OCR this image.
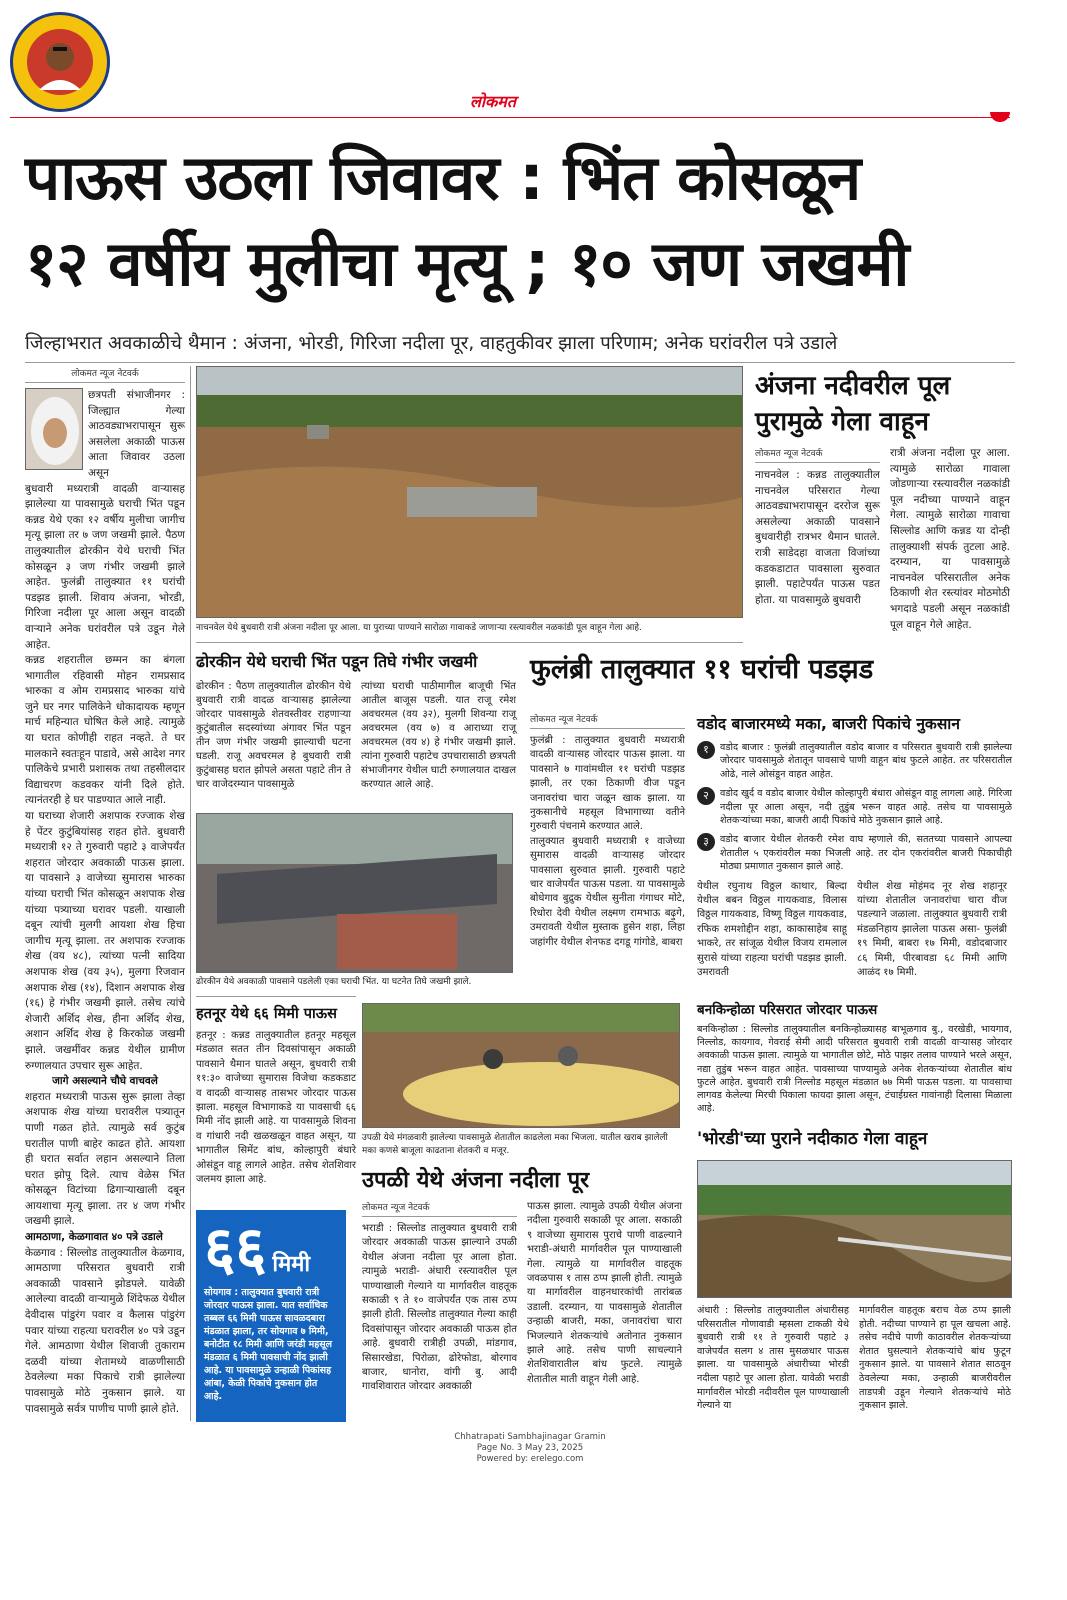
लोकमत
पाऊस उठला जिवावर : भिंत कोसळून
१२ वर्षीय मुलीचा मृत्यू ; १० जण जखमी
जिल्हाभरात अवकाळीचे थैमान : अंजना, भोरडी, गिरिजा नदीला पूर, वाहतुकीवर झाला परिणाम; अनेक घरांवरील पत्रे उडाले
लोकमत न्यूज नेटवर्क

छत्रपती संभाजीनगर : जिल्ह्यात गेल्या आठवड्याभरापासून सुरू असलेला अकाळी पाऊस आता जिवावर उठला असून

बुधवारी मध्यरात्री वादळी वाऱ्यासह झालेल्या या पावसामुळे घराची भिंत पडून कन्नड येथे एका १२ वर्षीय मुलीचा जागीच मृत्यू झाला तर ७ जण जखमी झाले. पैठण तालुक्यातील ढोरकीन येथे घराची भिंत कोसळून ३ जण गंभीर जखमी झाले आहेत. फुलंब्री तालुक्यात ११ घरांची पडझड झाली. शिवाय अंजना, भोरडी, गिरिजा नदीला पूर आला असून वादळी वाऱ्याने अनेक घरांवरील पत्रे उडून गेले आहेत.

कन्नड शहरातील छम्मन का बंगला भागातील रहिवासी मोहन रामप्रसाद भारुका व ओम रामप्रसाद भारुका यांचे जुने घर नगर पालिकेने धोकादायक म्हणून मार्च महिन्यात घोषित केले आहे. त्यामुळे या घरात कोणीही राहत नव्हते. ते घर मालकाने स्वतःहून पाडावे, असे आदेश नगर पालिकेचे प्रभारी प्रशासक तथा तहसीलदार विद्याचरण कडवकर यांनी दिले होते. त्यानंतरही हे घर पाडण्यात आले नाही.

या घराच्या शेजारी अशपाक रज्जाक शेख हे पेंटर कुटुंबियांसह राहत होते. बुधवारी मध्यरात्री १२ ते गुरुवारी पहाटे ३ वाजेपर्यंत शहरात जोरदार अवकाळी पाऊस झाला. या पावसाने ३ वाजेच्या सुमारास भारुका यांच्या घराची भिंत कोसळून अशपाक शेख यांच्या पत्र्याच्या घरावर पडली. याखाली दबून त्यांची मुलगी आयशा शेख हिचा जागीच मृत्यू झाला. तर अशपाक रज्जाक शेख (वय ४८), त्यांच्या पत्नी सादिया अशपाक शेख (वय ३५), मुलगा रिजवान अशपाक शेख (१४), दिशान अशपाक शेख (१६) हे गंभीर जखमी झाले. तसेच त्यांचे शेजारी अर्शिद शेख, हीना अर्शिद शेख, अशान अर्शिद शेख हे किरकोळ जखमी झाले. जखमींवर कन्नड येथील ग्रामीण रुग्णालयात उपचार सुरू आहेत.

जागे असल्याने चौघे वाचवले

शहरात मध्यरात्री पाऊस सुरू झाला तेव्हा अशपाक शेख यांच्या घरावरील पत्र्यातून पाणी गळत होते. त्यामुळे सर्व कुटुंब घरातील पाणी बाहेर काढत होते. आयशा ही घरात सर्वात लहान असल्याने तिला घरात झोपू दिले. त्याच वेळेस भिंत कोसळून विटांच्या ढिगाऱ्याखाली दबून आयशाचा मृत्यू झाला. तर ४ जण गंभीर जखमी झाले.

आमठाणा, केळगावात ४० पत्रे उडाले

केळगाव : सिल्लोड तालुक्यातील केळगाव, आमठाणा परिसरात बुधवारी रात्री अवकाळी पावसाने झोडपले. यावेळी आलेल्या वादळी वाऱ्यामुळे शिंदेफळ येथील देवीदास पांडुरंग पवार व कैलास पांडुरंग पवार यांच्या राहत्या घरावरील ४० पत्रे उडून गेले. आमठाणा येथील शिवाजी तुकाराम दळवी यांच्या शेतामध्ये वाळणीसाठी ठेवलेल्या मका पिकाचे रात्री झालेल्या पावसामुळे मोठे नुकसान झाले. या पावसामुळे सर्वत्र पाणीच पाणी झाले होते.

नाचनवेल येथे बुधवारी रात्री अंजना नदीला पूर आला. या पुराच्या पाण्याने सारोळा गावाकडे जाणाऱ्या रस्त्यावरील नळकांडी पूल वाहून गेला आहे.
अंजना नदीवरील पूल पुरामुळे गेला वाहून
लोकमत न्यूज नेटवर्क

नाचनवेल : कन्नड तालुक्यातील नाचनवेल परिसरात गेल्या आठवड्याभरापासून दररोज सुरू असलेल्या अकाळी पावसाने बुधवारीही रात्रभर थैमान घातले. रात्री साडेदहा वाजता विजांच्या कडकडाटात पावसाला सुरुवात झाली. पहाटेपर्यंत पाऊस पडत होता. या पावसामुळे बुधवारी

रात्री अंजना नदीला पूर आला. त्यामुळे सारोळा गावाला जोडणाऱ्या रस्त्यावरील नळकांडी पूल नदीच्या पाण्याने वाहून गेला. त्यामुळे सारोळा गावाचा सिल्लोड आणि कन्नड या दोन्ही तालुक्याशी संपर्क तुटला आहे. दरम्यान, या पावसामुळे नाचनवेल परिसरातील अनेक ठिकाणी शेत रस्त्यांवर मोठमोठी भगदाडे पडली असून नळकांडी पूल वाहून गेले आहेत.

ढोरकीन येथे घराची भिंत पडून तिघे गंभीर जखमी

ढोरकीन : पैठण तालुक्यातील ढोरकीन येथे बुधवारी रात्री वादळ वाऱ्यासह झालेल्या जोरदार पावसामुळे शेतवस्तीवर राहणाऱ्या कुटुंबातील सदस्यांच्या अंगावर भिंत पडून तीन जण गंभीर जखमी झाल्याची घटना घडली. राजू अवचरमल हे बुधवारी रात्री कुटुंबासह घरात झोपले असता पहाटे तीन ते चार वाजेदरम्यान पावसामुळे

त्यांच्या घराची पाठीमागील बाजूची भिंत आतील बाजूस पडली. यात राजू रमेश अवचरमल (वय ३२), मुलगी शिवन्या राजू अवचरमल (वय ७) व आराध्या राजू अवचरमल (वय ४) हे गंभीर जखमी झाले. त्यांना गुरुवारी पहाटेच उपचारासाठी छत्रपती संभाजीनगर येथील घाटी रुग्णालयात दाखल करण्यात आले आहे.

ढोरकीन येथे अवकाळी पावसाने पडलेली एका घराची भिंत. या घटनेत तिघे जखमी झाले.
हतनूर येथे ६६ मिमी पाऊस

हतनूर : कन्नड तालुक्यातील हतनूर महसूल मंडळात सतत तीन दिवसांपासून अकाळी पावसाने थैमान घातले असून, बुधवारी रात्री ११:३० वाजेच्या सुमारास विजेचा कडकडाट व वादळी वाऱ्यासह तासभर जोरदार पाऊस झाला. महसूल विभागाकडे या पावसाची ६६ मिमी नोंद झाली आहे. या पावसामुळे शिवना व गांधारी नदी खळखळून वाहत असून, या भागातील सिमेंट बांध, कोल्हापुरी बंधारे ओसंडून वाहू लागले आहेत. तसेच शेतशिवार जलमय झाला आहे.

६६ मिमी

सोयगाव : तालुक्यात बुधवारी रात्री जोरदार पाऊस झाला. यात सर्वाधिक तब्बल ६६ मिमी पाऊस सावळदबारा मंडळात झाला, तर सोयगाव ७ मिमी, बनोटीत १८ मिमी आणि जरंडी महसूल मंडळात ६ मिमी पावसाची नोंद झाली आहे. या पावसामुळे उन्हाळी पिकांसह आंबा, केळी पिकांचे नुकसान होत आहे.

उपळी येथे मंगळवारी झालेल्या पावसामुळे शेतातील काढलेला मका भिजला. यातील खराब झालेली मका कणसे बाजूला काढताना शेतकरी व मजूर.
उपळी येथे अंजना नदीला पूर
लोकमत न्यूज नेटवर्क

भराडी : सिल्लोड तालुक्यात बुधवारी रात्री जोरदार अवकाळी पाऊस झाल्याने उपळी येथील अंजना नदीला पूर आला होता. त्यामुळे भराडी- अंधारी रस्त्यावरील पूल पाण्याखाली गेल्याने या मार्गावरील वाहतूक सकाळी ९ ते १० वाजेपर्यंत एक तास ठप्प झाली होती. सिल्लोड तालुक्यात गेल्या काही दिवसांपासून जोरदार अवकाळी पाऊस होत आहे. बुधवारी रात्रीही उपळी, मांडगाव, सिसारखेडा, पिरोळा, ढोरेफोडा, बोरगाव बाजार, धानोरा, वांगी बु. आदी गावशिवारात जोरदार अवकाळी

पाऊस झाला. त्यामुळे उपळी येथील अंजना नदीला गुरुवारी सकाळी पूर आला. सकाळी ९ वाजेच्या सुमारास पुराचे पाणी वाढल्याने भराडी-अंधारी मार्गावरील पूल पाण्याखाली गेला. त्यामुळे या मार्गावरील वाहतूक जवळपास १ तास ठप्प झाली होती. त्यामुळे या मार्गावरील वाहनधारकांची तारांबळ उडाली. दरम्यान, या पावसामुळे शेतातील उन्हाळी बाजरी, मका, जनावरांचा चारा भिजल्याने शेतकऱ्यांचे अतोनात नुकसान झाले आहे. तसेच पाणी साचल्याने शेतशिवारातील बांध फुटले. त्यामुळे शेतातील माती वाहून गेली आहे.

फुलंब्री तालुक्यात ११ घरांची पडझड
लोकमत न्यूज नेटवर्क

फुलंब्री : तालुक्यात बुधवारी मध्यरात्री वादळी वाऱ्यासह जोरदार पाऊस झाला. या पावसाने ७ गावांमधील ११ घरांची पडझड झाली, तर एका ठिकाणी वीज पडून जनावरांचा चारा जळून खाक झाला. या नुकसानीचे महसूल विभागाच्या वतीने गुरुवारी पंचनामे करण्यात आले.

तालुक्यात बुधवारी मध्यरात्री १ वाजेच्या सुमारास वादळी वाऱ्यासह जोरदार पावसाला सुरुवात झाली. गुरुवारी पहाटे चार वाजेपर्यंत पाऊस पडला. या पावसामुळे बोधेगाव बुद्रुक येथील सुनीता गंगाधर मोटे, रिधोरा देवी येथील लक्ष्मण रामभाऊ बढ़ुगे, उमरावती येथील मुस्ताक हुसेन शहा, लिहा जहांगीर येथील शेनफड दगडू गांगोडे, बाबरा

वडोद बाजारमध्ये मका, बाजरी पिकांचे नुकसान
१	वडोद बाजार : फुलंब्री तालुक्यातील वडोद बाजार व परिसरात बुधवारी रात्री झालेल्या जोरदार पावसामुळे शेतातून पावसाचे पाणी वाहून बांध फुटले आहेत. तर परिसरातील ओढे, नाले ओसंडून वाहत आहेत.

२	वडोद खुर्द व वडोद बाजार येथील कोल्हापुरी बंधारा ओसंडून वाहू लागला आहे. गिरिजा नदीला पूर आला असून, नदी तुडुंब भरून वाहत आहे. तसेच या पावसामुळे शेतकऱ्यांच्या मका, बाजरी आदी पिकांचे मोठे नुकसान झाले आहे.

३	वडोद बाजार येथील शेतकरी रमेश वाघ म्हणाले की, सततच्या पावसाने आपल्या शेतातील ५ एकरांवरील मका भिजली आहे. तर दोन एकरांवरील बाजरी पिकाचीही मोठ्या प्रमाणात नुकसान झाले आहे.

येथील रघुनाथ विठ्ठल काथार, बिल्दा येथील बबन विठ्ठल गायकवाड, विलास विठ्ठल गायकवाड, विष्णू विठ्ठल गायकवाड, रफिक शमशोद्दीन शहा, काकासाहेब साहू भाकरे, तर सांजूळ येथील विजय रामलाल सुरासे यांच्या राहत्या घरांची पडझड झाली. उमरावती

येथील शेख मोहंमद नूर शेख शहानूर यांच्या शेतातील जनावरांचा चारा वीज पडल्याने जळाला. तालुक्यात बुधवारी रात्री मंडळनिहाय झालेला पाऊस असा- फुलंब्री १९ मिमी, बाबरा १७ मिमी, वडोदबाजार ८६ मिमी, पीरबावडा ६८ मिमी आणि आळंद १७ मिमी.

बनकिन्होळा परिसरात जोरदार पाऊस

बनकिन्होळा : सिल्लोड तालुक्यातील बनकिन्होळ्यासह बाभूळगाव बु., वरखेडी, भायगाव, निल्लोड, कायगाव, गेवराई सेमी आदी परिसरात बुधवारी रात्री वादळी वाऱ्यासह जोरदार अवकाळी पाऊस झाला. त्यामुळे या भागातील छोटे, मोठे पाझर तलाव पाण्याने भरले असून, नद्या तुडुंब भरून वाहत आहेत. पावसाच्या पाण्यामुळे अनेक शेतकऱ्यांच्या शेतातील बांध फुटले आहेत. बुधवारी रात्री निल्लोड महसूल मंडळात ७७ मिमी पाऊस पडला. या पावसाचा लागवड केलेल्या मिरची पिकाला फायदा झाला असून, टंचाईग्रस्त गावांनाही दिलासा मिळाला आहे.

'भोरडी'च्या पुराने नदीकाठ गेला वाहून

अंधारी : सिल्लोड तालुक्यातील अंधारीसह परिसरातील गोणावाडी म्हसला टाकळी येथे बुधवारी रात्री ११ ते गुरुवारी पहाटे ३ वाजेपर्यंत सलग ४ तास मुसळधार पाऊस झाला. या पावसामुळे अंधारीच्या भोरडी नदीला पहाटे पूर आला होता. यावेळी भराडी मार्गावरील भोरडी नदीवरील पूल पाण्याखाली गेल्याने या

मार्गावरील वाहतूक बराच वेळ ठप्प झाली होती. नदीच्या पाण्याने हा पूल खचला आहे. तसेच नदीचे पाणी काठावरील शेतकऱ्यांच्या शेतात घुसल्याने शेतकऱ्यांचे बांध फुटून नुकसान झाले. या पावसाने शेतात साठवून ठेवलेल्या मका, उन्हाळी बाजरीवरील ताडपत्री उडून गेल्याने शेतकऱ्यांचे मोठे नुकसान झाले.

Chhatrapati Sambhajinagar Gramin
Page No. 3 May 23, 2025
Powered by: erelego.com
